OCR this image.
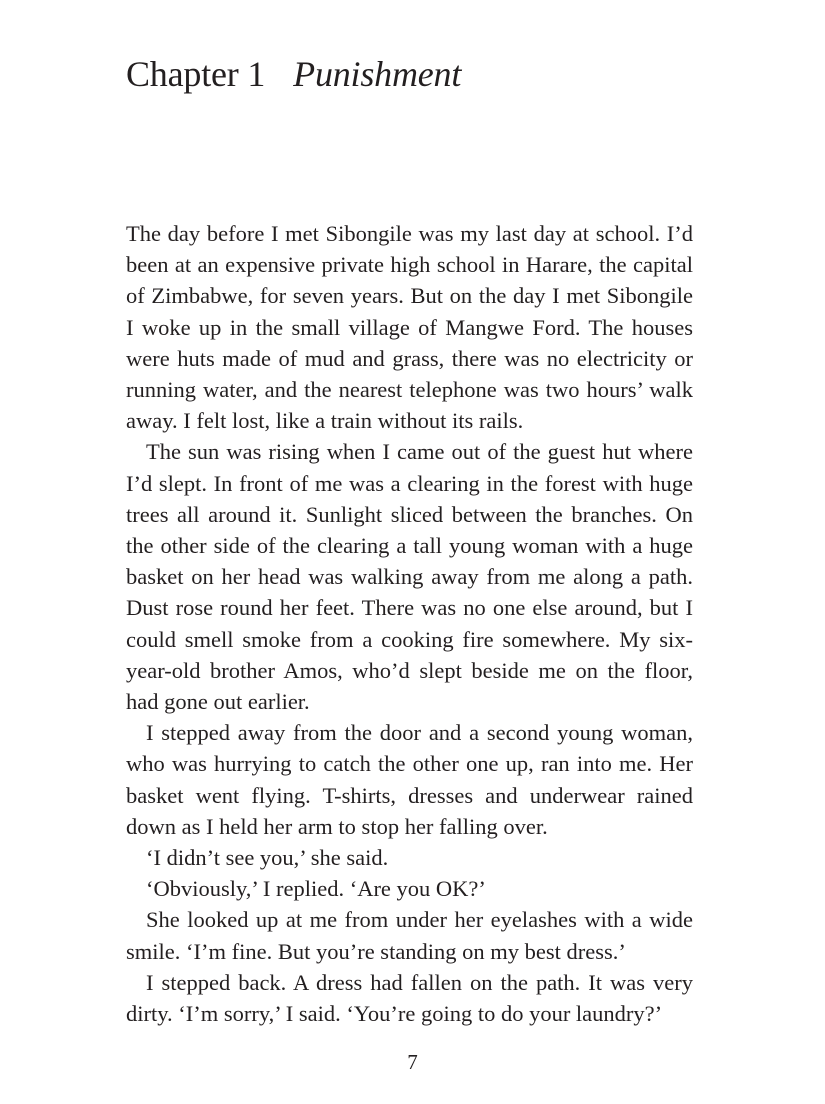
Chapter 1 Punishment

The day before I met Sibongile was my last day at school. I’d been at an expensive private high school in Harare, the capital of Zimbabwe, for seven years. But on the day I met Sibongile I woke up in the small village of Mangwe Ford. The houses were huts made of mud and grass, there was no electricity or running water, and the nearest telephone was two hours’ walk away. I felt lost, like a train without its rails.

The sun was rising when I came out of the guest hut where I’d slept. In front of me was a clearing in the forest with huge trees all around it. Sunlight sliced between the branches. On the other side of the clearing a tall young woman with a huge basket on her head was walking away from me along a path. Dust rose round her feet. There was no one else around, but I could smell smoke from a cooking fire somewhere. My six-year-old brother Amos, who’d slept beside me on the floor, had gone out earlier.

I stepped away from the door and a second young woman, who was hurrying to catch the other one up, ran into me. Her basket went flying. T-shirts, dresses and underwear rained down as I held her arm to stop her falling over.

‘I didn’t see you,’ she said.

‘Obviously,’ I replied. ‘Are you OK?’

She looked up at me from under her eyelashes with a wide smile. ‘I’m fine. But you’re standing on my best dress.’

I stepped back. A dress had fallen on the path. It was very dirty. ‘I’m sorry,’ I said. ‘You’re going to do your laundry?’

7
